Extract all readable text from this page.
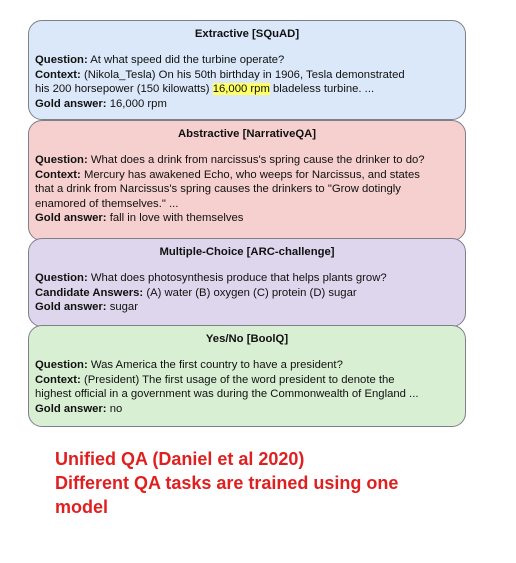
Extractive [SQuAD]
Question: At what speed did the turbine operate?
Context: (Nikola_Tesla) On his 50th birthday in 1906, Tesla demonstrated
his 200 horsepower (150 kilowatts) 16,000 rpm bladeless turbine. ...
Gold answer: 16,000 rpm
Abstractive [NarrativeQA]
Question: What does a drink from narcissus's spring cause the drinker to do?
Context: Mercury has awakened Echo, who weeps for Narcissus, and states
that a drink from Narcissus's spring causes the drinkers to "Grow dotingly
enamored of themselves." ...
Gold answer: fall in love with themselves
Multiple-Choice [ARC-challenge]
Question: What does photosynthesis produce that helps plants grow?
Candidate Answers: (A) water (B) oxygen (C) protein (D) sugar
Gold answer: sugar
Yes/No [BoolQ]
Question: Was America the first country to have a president?
Context: (President) The first usage of the word president to denote the
highest official in a government was during the Commonwealth of England ...
Gold answer: no
Unified QA (Daniel et al 2020)
Different QA tasks are trained using one
model
